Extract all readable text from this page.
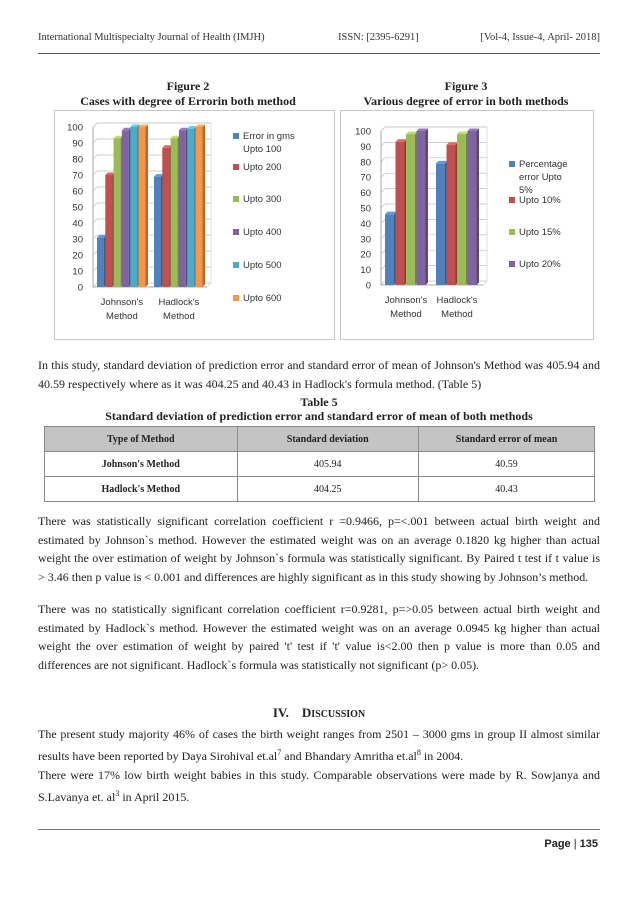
International Multispecialty Journal of Health (IMJH)	ISSN: [2395-6291]	[Vol-4, Issue-4, April- 2018]
Figure 2
Cases with degree of Errorin both method
Figure 3
Various degree of error in both methods
0
10
20
30
40
50
60
70
80
90
100
Johnson's
Method
Hadlock's
Method
Error in gms
Upto 100
Upto 200
Upto 300
Upto 400
Upto 500
Upto 600
0
10
20
30
40
50
60
70
80
90
100
Johnson's
Method
Hadlock's
Method
Percentage
error Upto
5%
Upto 10%
Upto 15%
Upto 20%

In this study, standard deviation of prediction error and standard error of mean of Johnson's Method was 405.94 and 40.59 respectively where as it was 404.25 and 40.43 in Hadlock's formula method. (Table 5)

Table 5
Standard deviation of prediction error and standard error of mean of both methods
Type of Method	Standard deviation	Standard error of mean
Johnson's Method	405.94	40.59
Hadlock's Method	404.25	40.43

There was statistically significant correlation coefficient r =0.9466, p=<.001 between actual birth weight and estimated by Johnson`s method. However the estimated weight was on an average 0.1820 kg higher than actual weight the over estimation of weight by Johnson`s formula was statistically significant. By Paired t test if t value is > 3.46 then p value is < 0.001 and differences are highly significant as in this study showing by Johnson’s method.

There was no statistically significant correlation coefficient r=0.9281, p=>0.05 between actual birth weight and estimated by Hadlock`s method. However the estimated weight was on an average 0.0945 kg higher than actual weight the over estimation of weight by paired 't' test if 't' value is<2.00 then p value is more than 0.05 and differences are not significant. Hadlock`s formula was statistically not significant (p> 0.05).

IV. DISCUSSION

The present study majority 46% of cases the birth weight ranges from 2501 – 3000 gms in group II almost similar results have been reported by Daya Sirohival $et.al^7$ and Bhandary Amritha $et.al^8$ in 2004.

There were 17% low birth weight babies in this study. Comparable observations were made by R. Sowjanya and S.Lavanya et. $al^3$ in April 2015.

Page | 135
